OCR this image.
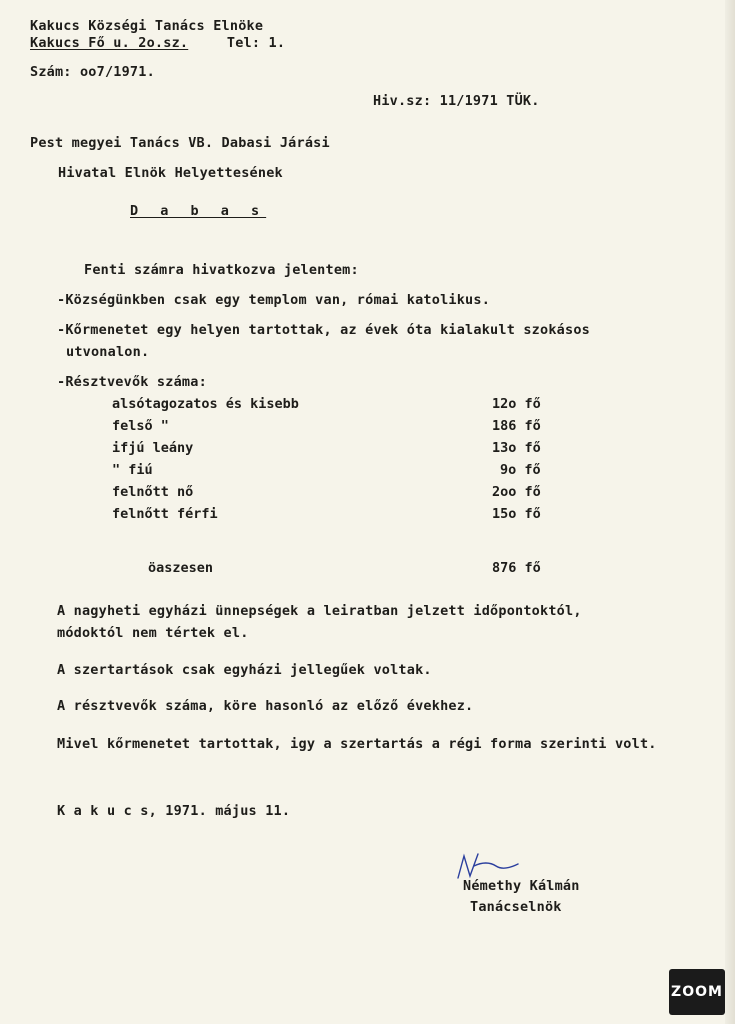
Kakucs Községi Tanács Elnöke
Kakucs Fő u. 2o.sz.	Tel: 1.
Szám: oo7/1971.
Hiv.sz: 11/1971 TÜK.
Pest megyei Tanács VB. Dabasi Járási
Hivatal Elnök Helyettesének
D a b a s
Fenti számra hivatkozva jelentem:
-Községünkben csak egy templom van, római katolikus.
-Kőrmenetet egy helyen tartottak, az évek óta kialakult szokásos
utvonalon.
-Résztvevők száma:
alsótagozatos és kisebb	12o fő
felső "	186 fő
ifjú leány	13o fő
" fiú	9o fő
felnőtt nő	2oo fő
felnőtt férfi	15o fő
öaszesen	876 fő
A nagyheti egyházi ünnepségek a leiratban jelzett időpontoktól,
módoktól nem tértek el.
A szertartások csak egyházi jellegűek voltak.
A résztvevők száma, köre hasonló az előző évekhez.
Mivel kőrmenetet tartottak, igy a szertartás a régi forma szerinti volt.
K a k u c s, 1971. május 11.
Némethy Kálmán
Tanácselnök
ZOOM
